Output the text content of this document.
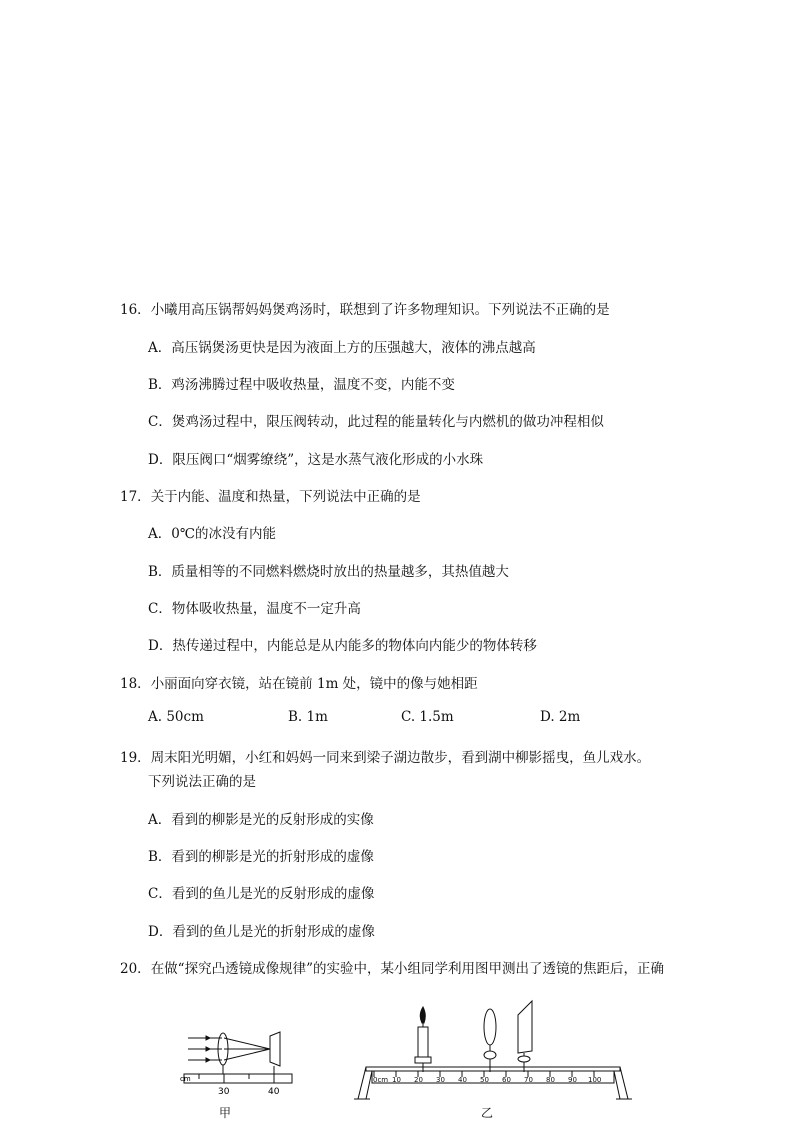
16．小曦用高压锅帮妈妈煲鸡汤时，联想到了许多物理知识。下列说法不正确的是
A．高压锅煲汤更快是因为液面上方的压强越大，液体的沸点越高
B．鸡汤沸腾过程中吸收热量，温度不变，内能不变
C．煲鸡汤过程中，限压阀转动，此过程的能量转化与内燃机的做功冲程相似
D．限压阀口“烟雾缭绕”，这是水蒸气液化形成的小水珠
17．关于内能、温度和热量，下列说法中正确的是
A．0℃的冰没有内能
B．质量相等的不同燃料燃烧时放出的热量越多，其热值越大
C．物体吸收热量，温度不一定升高
D．热传递过程中，内能总是从内能多的物体向内能少的物体转移
18．小丽面向穿衣镜，站在镜前 1m 处，镜中的像与她相距
A. 50cm	B. 1m	C. 1.5m	D. 2m
19．周末阳光明媚，小红和妈妈一同来到梁子湖边散步，看到湖中柳影摇曳，鱼儿戏水。
下列说法正确的是
A．看到的柳影是光的反射形成的实像
B．看到的柳影是光的折射形成的虚像
C．看到的鱼儿是光的反射形成的虚像
D．看到的鱼儿是光的折射形成的虚像
20．在做“探究凸透镜成像规律”的实验中，某小组同学利用图甲测出了透镜的焦距后，正确
cm
30	40
甲
0cm 10 20 30 40 50 60 70 80 90 100
乙
